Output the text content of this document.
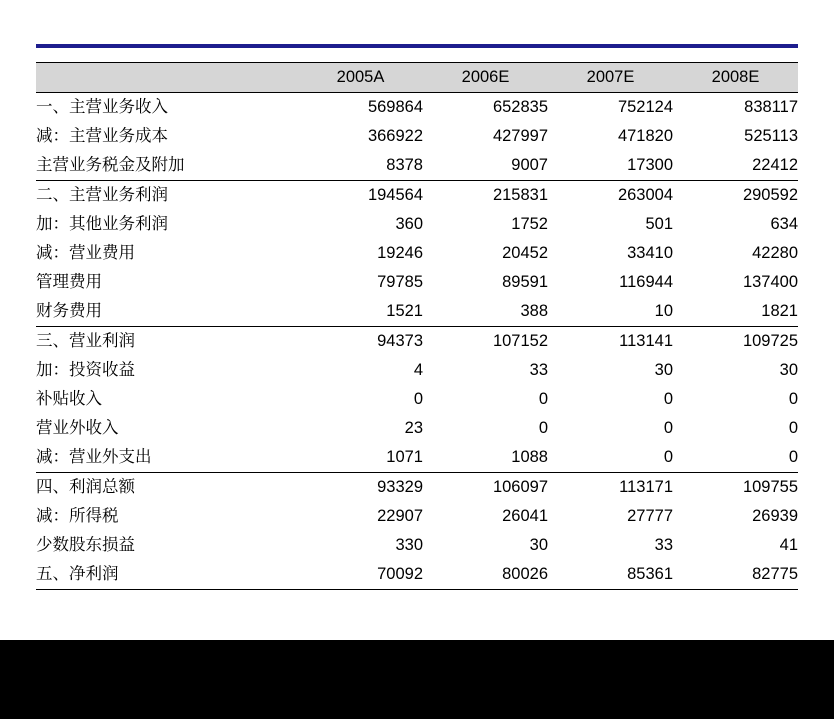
	2005A	2006E	2007E	2008E
一、主营业务收入	569864	652835	752124	838117
减：主营业务成本	366922	427997	471820	525113
主营业务税金及附加	8378	9007	17300	22412
二、主营业务利润	194564	215831	263004	290592
加：其他业务利润	360	1752	501	634
减：营业费用	19246	20452	33410	42280
管理费用	79785	89591	116944	137400
财务费用	1521	388	10	1821
三、营业利润	94373	107152	113141	109725
加：投资收益	4	33	30	30
补贴收入	0	0	0	0
营业外收入	23	0	0	0
减：营业外支出	1071	1088	0	0
四、利润总额	93329	106097	113171	109755
减：所得税	22907	26041	27777	26939
少数股东损益	330	30	33	41
五、净利润	70092	80026	85361	82775
